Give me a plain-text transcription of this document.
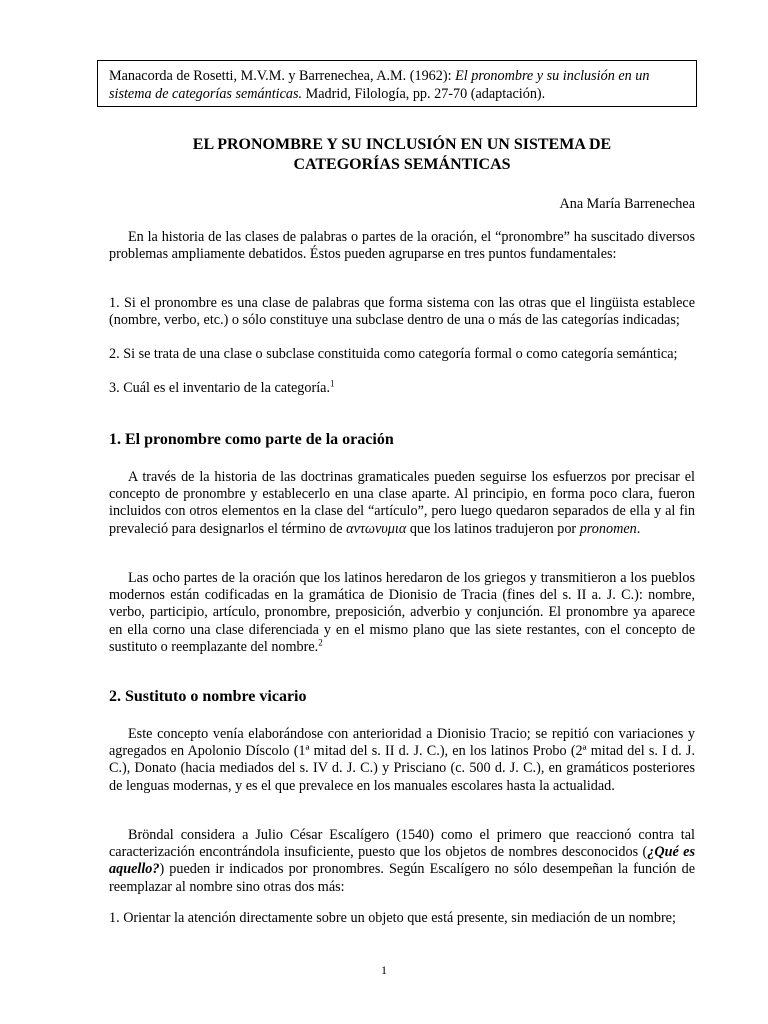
Manacorda de Rosetti, M.V.M. y Barrenechea, A.M. (1962): El pronombre y su inclusión en un sistema de categorías semánticas. Madrid, Filología, pp. 27-70 (adaptación).
EL PRONOMBRE Y SU INCLUSIÓN EN UN SISTEMA DE
CATEGORÍAS SEMÁNTICAS
Ana María Barrenechea
En la historia de las clases de palabras o partes de la oración, el “pronombre” ha suscitado diversos problemas ampliamente debatidos. Éstos pueden agruparse en tres puntos fundamentales:
1. Si el pronombre es una clase de palabras que forma sistema con las otras que el lingüista establece (nombre, verbo, etc.) o sólo constituye una subclase dentro de una o más de las categorías indicadas;
2. Si se trata de una clase o subclase constituida como categoría formal o como categoría semántica;
3. Cuál es el inventario de la categoría.$^1$
1. El pronombre como parte de la oración
A través de la historia de las doctrinas gramaticales pueden seguirse los esfuerzos por precisar el concepto de pronombre y establecerlo en una clase aparte. Al principio, en forma poco clara, fueron incluidos con otros elementos en la clase del “artículo”, pero luego quedaron separados de ella y al fin prevaleció para designarlos el término de αντωνυμια que los latinos tradujeron por pronomen.
Las ocho partes de la oración que los latinos heredaron de los griegos y transmitieron a los pueblos modernos están codificadas en la gramática de Dionisio de Tracia (fines del s. II a. J. C.): nombre, verbo, participio, artículo, pronombre, preposición, adverbio y conjunción. El pronombre ya aparece en ella corno una clase diferenciada y en el mismo plano que las siete restantes, con el concepto de sustituto o reemplazante del nombre.$^2$
2. Sustituto o nombre vicario
Este concepto venía elaborándose con anterioridad a Dionisio Tracio; se repitió con variaciones y agregados en Apolonio Díscolo (1ª mitad del s. II d. J. C.), en los latinos Probo (2ª mitad del s. I d. J. C.), Donato (hacia mediados del s. IV d. J. C.) y Prisciano (c. 500 d. J. C.), en gramáticos posteriores de lenguas modernas, y es el que prevalece en los manuales escolares hasta la actualidad.
Bröndal considera a Julio César Escalígero (1540) como el primero que reaccionó contra tal caracterización encontrándola insuficiente, puesto que los objetos de nombres desconocidos (¿Qué es aquello?) pueden ir indicados por pronombres. Según Escalígero no sólo desempeñan la función de reemplazar al nombre sino otras dos más:
1. Orientar la atención directamente sobre un objeto que está presente, sin mediación de un nombre;
1
